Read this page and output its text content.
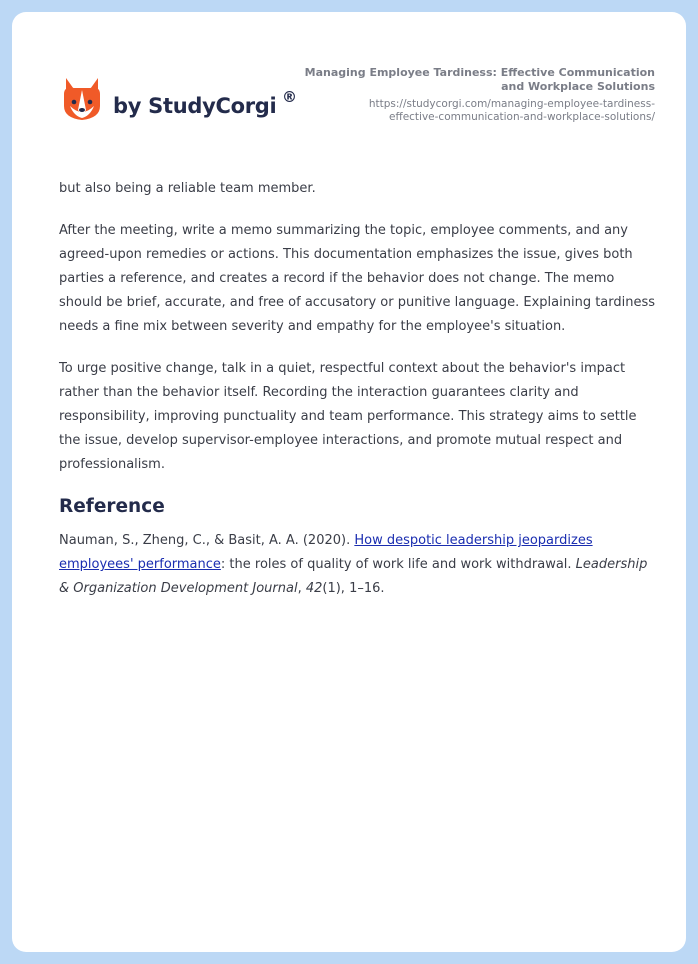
by StudyCorgi ®
Managing Employee Tardiness: Effective Communication
and Workplace Solutions
https://studycorgi.com/managing-employee-tardiness-
effective-communication-and-workplace-solutions/

but also being a reliable team member.

After the meeting, write a memo summarizing the topic, employee comments, and any agreed-upon remedies or actions. This documentation emphasizes the issue, gives both parties a reference, and creates a record if the behavior does not change. The memo should be brief, accurate, and free of accusatory or punitive language. Explaining tardiness needs a fine mix between severity and empathy for the employee's situation.

To urge positive change, talk in a quiet, respectful context about the behavior's impact rather than the behavior itself. Recording the interaction guarantees clarity and responsibility, improving punctuality and team performance. This strategy aims to settle the issue, develop supervisor-employee interactions, and promote mutual respect and professionalism.

Reference

Nauman, S., Zheng, C., & Basit, A. A. (2020). How despotic leadership jeopardizes employees' performance: the roles of quality of work life and work withdrawal. Leadership & Organization Development Journal, 42(1), 1–16.
